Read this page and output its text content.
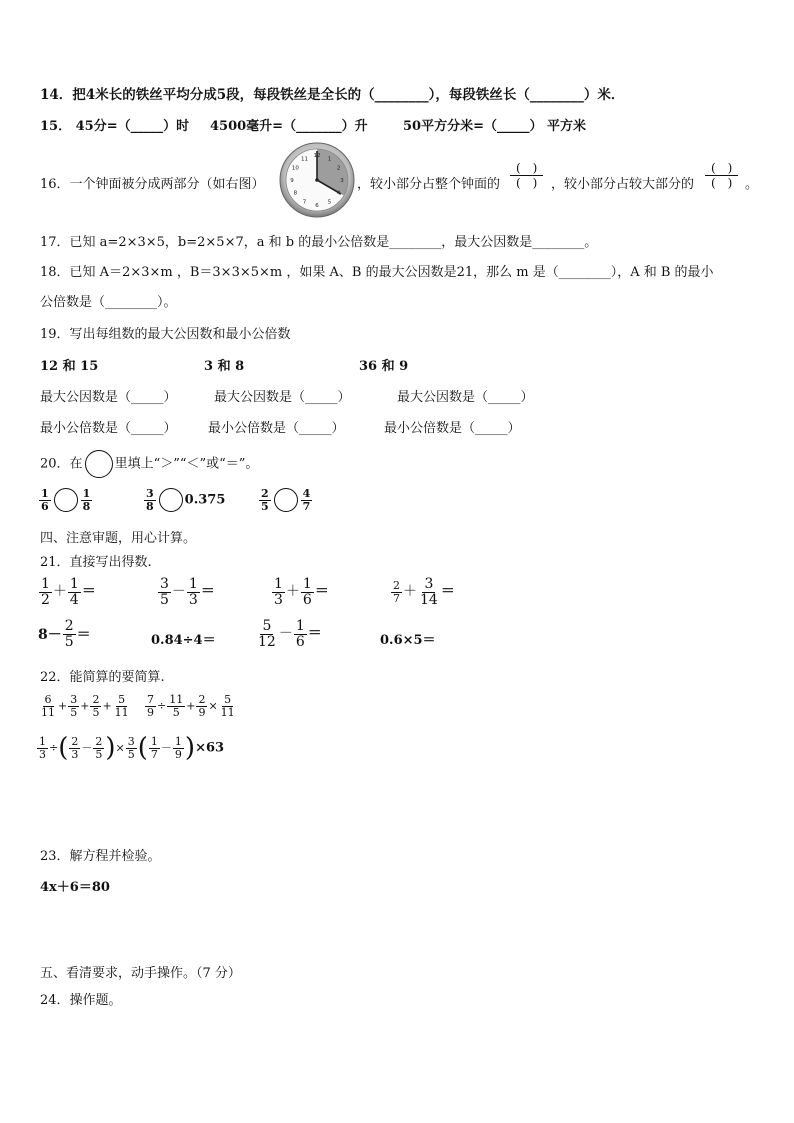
14．把4米长的铁丝平均分成5段，每段铁丝是全长的（________），每段铁丝长（________）米．
15． 45分=（_____）时 4500毫升=（_______）升	50平方分米=（_____） 平方米
16．一个钟面被分成两部分（如右图）
12
1
2
3
4
5
6
7
8
9
10
11
，较小部分占整个钟面的 $\frac{( )}{( )}$ ，较小部分占较大部分的 $\frac{( )}{( )}$ 。
17．已知 a=2×3×5，b=2×5×7，a 和 b 的最小公倍数是________，最大公因数是________。
18．已知 A＝2×3×m ，B＝3×3×5×m ，如果 A、B 的最大公因数是21，那么 m 是（________），A 和 B 的最小
公倍数是（________）。
19．写出每组数的最大公因数和最小公倍数
12 和 15	3 和 8	36 和 9
最大公因数是（_____）	最大公因数是（_____）	最大公因数是（_____）
最小公倍数是（_____） 最小公倍数是（_____）	最小公倍数是（_____）
20．在 里填上“＞”“＜”或“＝”。
$\frac{1}{6}$	$\frac{1}{8}$	$\frac{3}{8} 0.375$	$\frac{2}{5}$	$\frac{4}{7}$
四、注意审题，用心计算。
21．直接写出得数.
$\frac{1}{2} + \frac{1}{4}$ ＝	$\frac{3}{5} - \frac{1}{3}$ ＝	$\frac{1}{3} + \frac{1}{6}$ ＝	$\frac{2}{7} + \frac{3}{14}$ ＝
$8- \frac{2}{5}$ ＝	0.84÷4＝	$\frac{5}{12} - \frac{1}{6}$ ＝	0.6×5＝
22．能简算的要简算.
$\frac{6}{11} + \frac{3}{5} + \frac{2}{5} + \frac{5}{11} \frac{7}{9} \div \frac{11}{5} + \frac{2}{9} \times \frac{5}{11}$
$\frac{1}{3}$ ÷( $\frac{2}{3} - \frac{2}{5}$ )× $\frac{3}{5}$ ( $\frac{1}{7} - \frac{1}{9} )\times 63$
23．解方程并检验。
4x＋6＝80
五、看清要求，动手操作。（7 分）
24．操作题。
